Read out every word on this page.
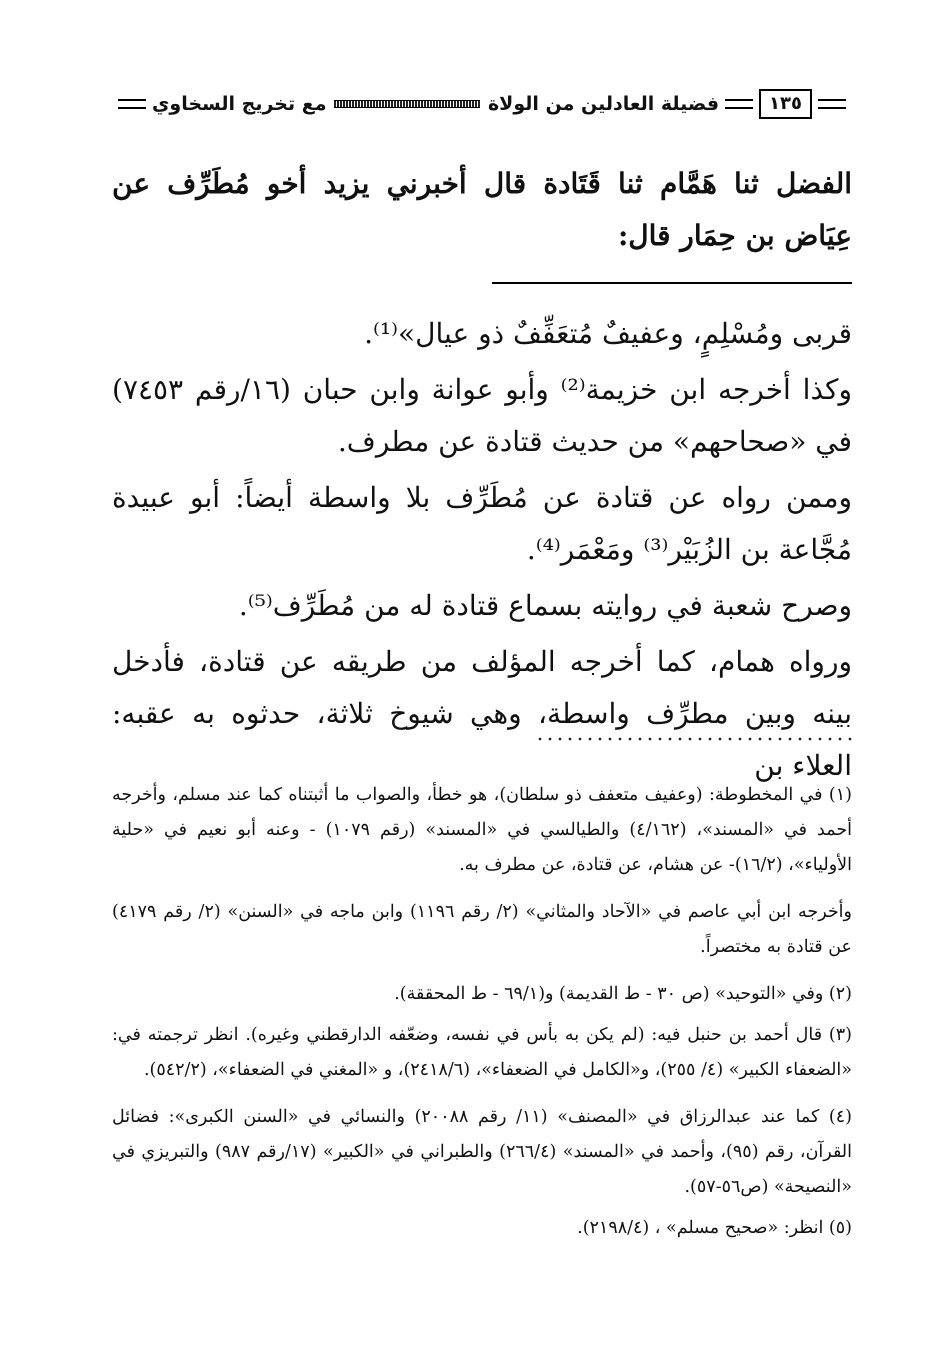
١٣٥
فضيلة العادلين من الولاة
مع تخريج السخاوي
الفضل ثنا هَمَّام ثنا قَتَادة قال أخبرني يزيد أخو مُطَرِّف عن عِيَاض بن حِمَار قال:

قربى ومُسْلِمٍ، وعفيفٌ مُتعَفِّفٌ ذو عيال»⁽¹⁾.

وكذا أخرجه ابن خزيمة⁽²⁾ وأبو عوانة وابن حبان (١٦/رقم ٧٤٥٣) في «صحاحهم» من حديث قتادة عن مطرف.

وممن رواه عن قتادة عن مُطَرِّف بلا واسطة أيضاً: أبو عبيدة مُجَّاعة بن الزُبَيْر⁽³⁾ ومَعْمَر⁽⁴⁾.

وصرح شعبة في روايته بسماع قتادة له من مُطَرِّف⁽⁵⁾.

ورواه همام، كما أخرجه المؤلف من طريقه عن قتادة، فأدخل بينه وبين مطرِّف واسطة، وهي شيوخ ثلاثة، حدثوه به عقبه: العلاء بن

(١) في المخطوطة: (وعفيف متعفف ذو سلطان)، هو خطأ، والصواب ما أثبتناه كما عند مسلم، وأخرجه أحمد في «المسند»، (٤/١٦٢) والطيالسي في «المسند» (رقم ١٠٧٩) - وعنه أبو نعيم في «حلية الأولياء»، (١٦/٢)- عن هشام، عن قتادة، عن مطرف به.

وأخرجه ابن أبي عاصم في «الآحاد والمثاني» (٢/ رقم ١١٩٦) وابن ماجه في «السنن» (٢/ رقم ٤١٧٩) عن قتادة به مختصراً.

(٢) وفي «التوحيد» (ص ٣٠ - ط القديمة) و(٦٩/١ - ط المحققة).

(٣) قال أحمد بن حنبل فيه: (لم يكن به بأس في نفسه، وضعّفه الدارقطني وغيره). انظر ترجمته في: «الضعفاء الكبير» (٤/ ٢٥٥)، و«الكامل في الضعفاء»، (٢٤١٨/٦)، و «المغني في الضعفاء»، (٥٤٢/٢).

(٤) كما عند عبدالرزاق في «المصنف» (١١/ رقم ٢٠٠٨٨) والنسائي في «السنن الكبرى»: فضائل القرآن، رقم (٩٥)، وأحمد في «المسند» (٢٦٦/٤) والطبراني في «الكبير» (١٧/رقم ٩٨٧) والتبريزي في «النصيحة» (ص٥٦-٥٧).

(٥) انظر: «صحيح مسلم» ، (٢١٩٨/٤).
